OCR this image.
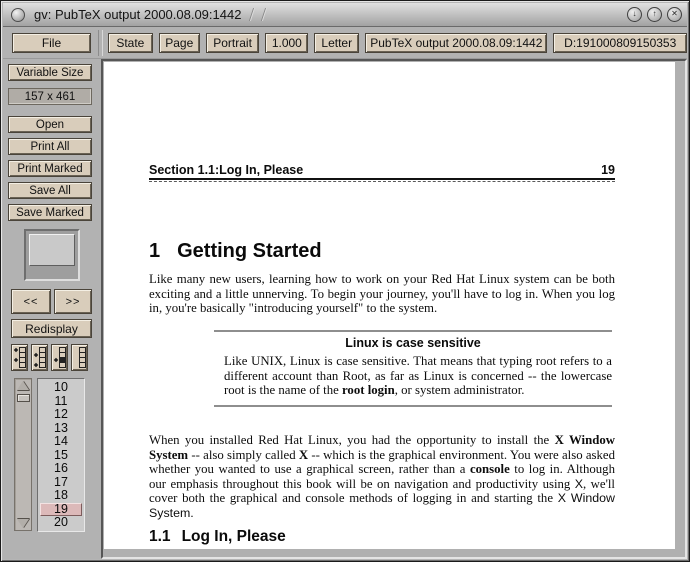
gv: PubTeX output 2000.08.09:1442	↓	↑	✕
File	State	Page	Portrait	1.000	Letter	PubTeX output 2000.08.09:1442	D:191000809150353
Variable Size
157 x 461
Open
Print All
Print Marked
Save All
Save Marked
<<	>>
Redisplay
10
11
12
13
14
15
16
17
18
19
20
Section 1.1:Log In, Please	19
1 Getting Started
Like many new users, learning how to work on your Red Hat Linux system can be both exciting and a little unnerving. To begin your journey, you'll have to log in. When you log in, you're basically "introducing yourself" to the system.
Linux is case sensitive
Like UNIX, Linux is case sensitive. That means that typing root refers to a different account than Root, as far as Linux is concerned -- the lowercase root is the name of the root login, or system administrator.
When you installed Red Hat Linux, you had the opportunity to install the X Window System -- also simply called X -- which is the graphical environment. You were also asked whether you wanted to use a graphical screen, rather than a console to log in. Although our emphasis throughout this book will be on navigation and productivity using X, we'll cover both the graphical and console methods of logging in and starting the X Window System.
1.1 Log In, Please
